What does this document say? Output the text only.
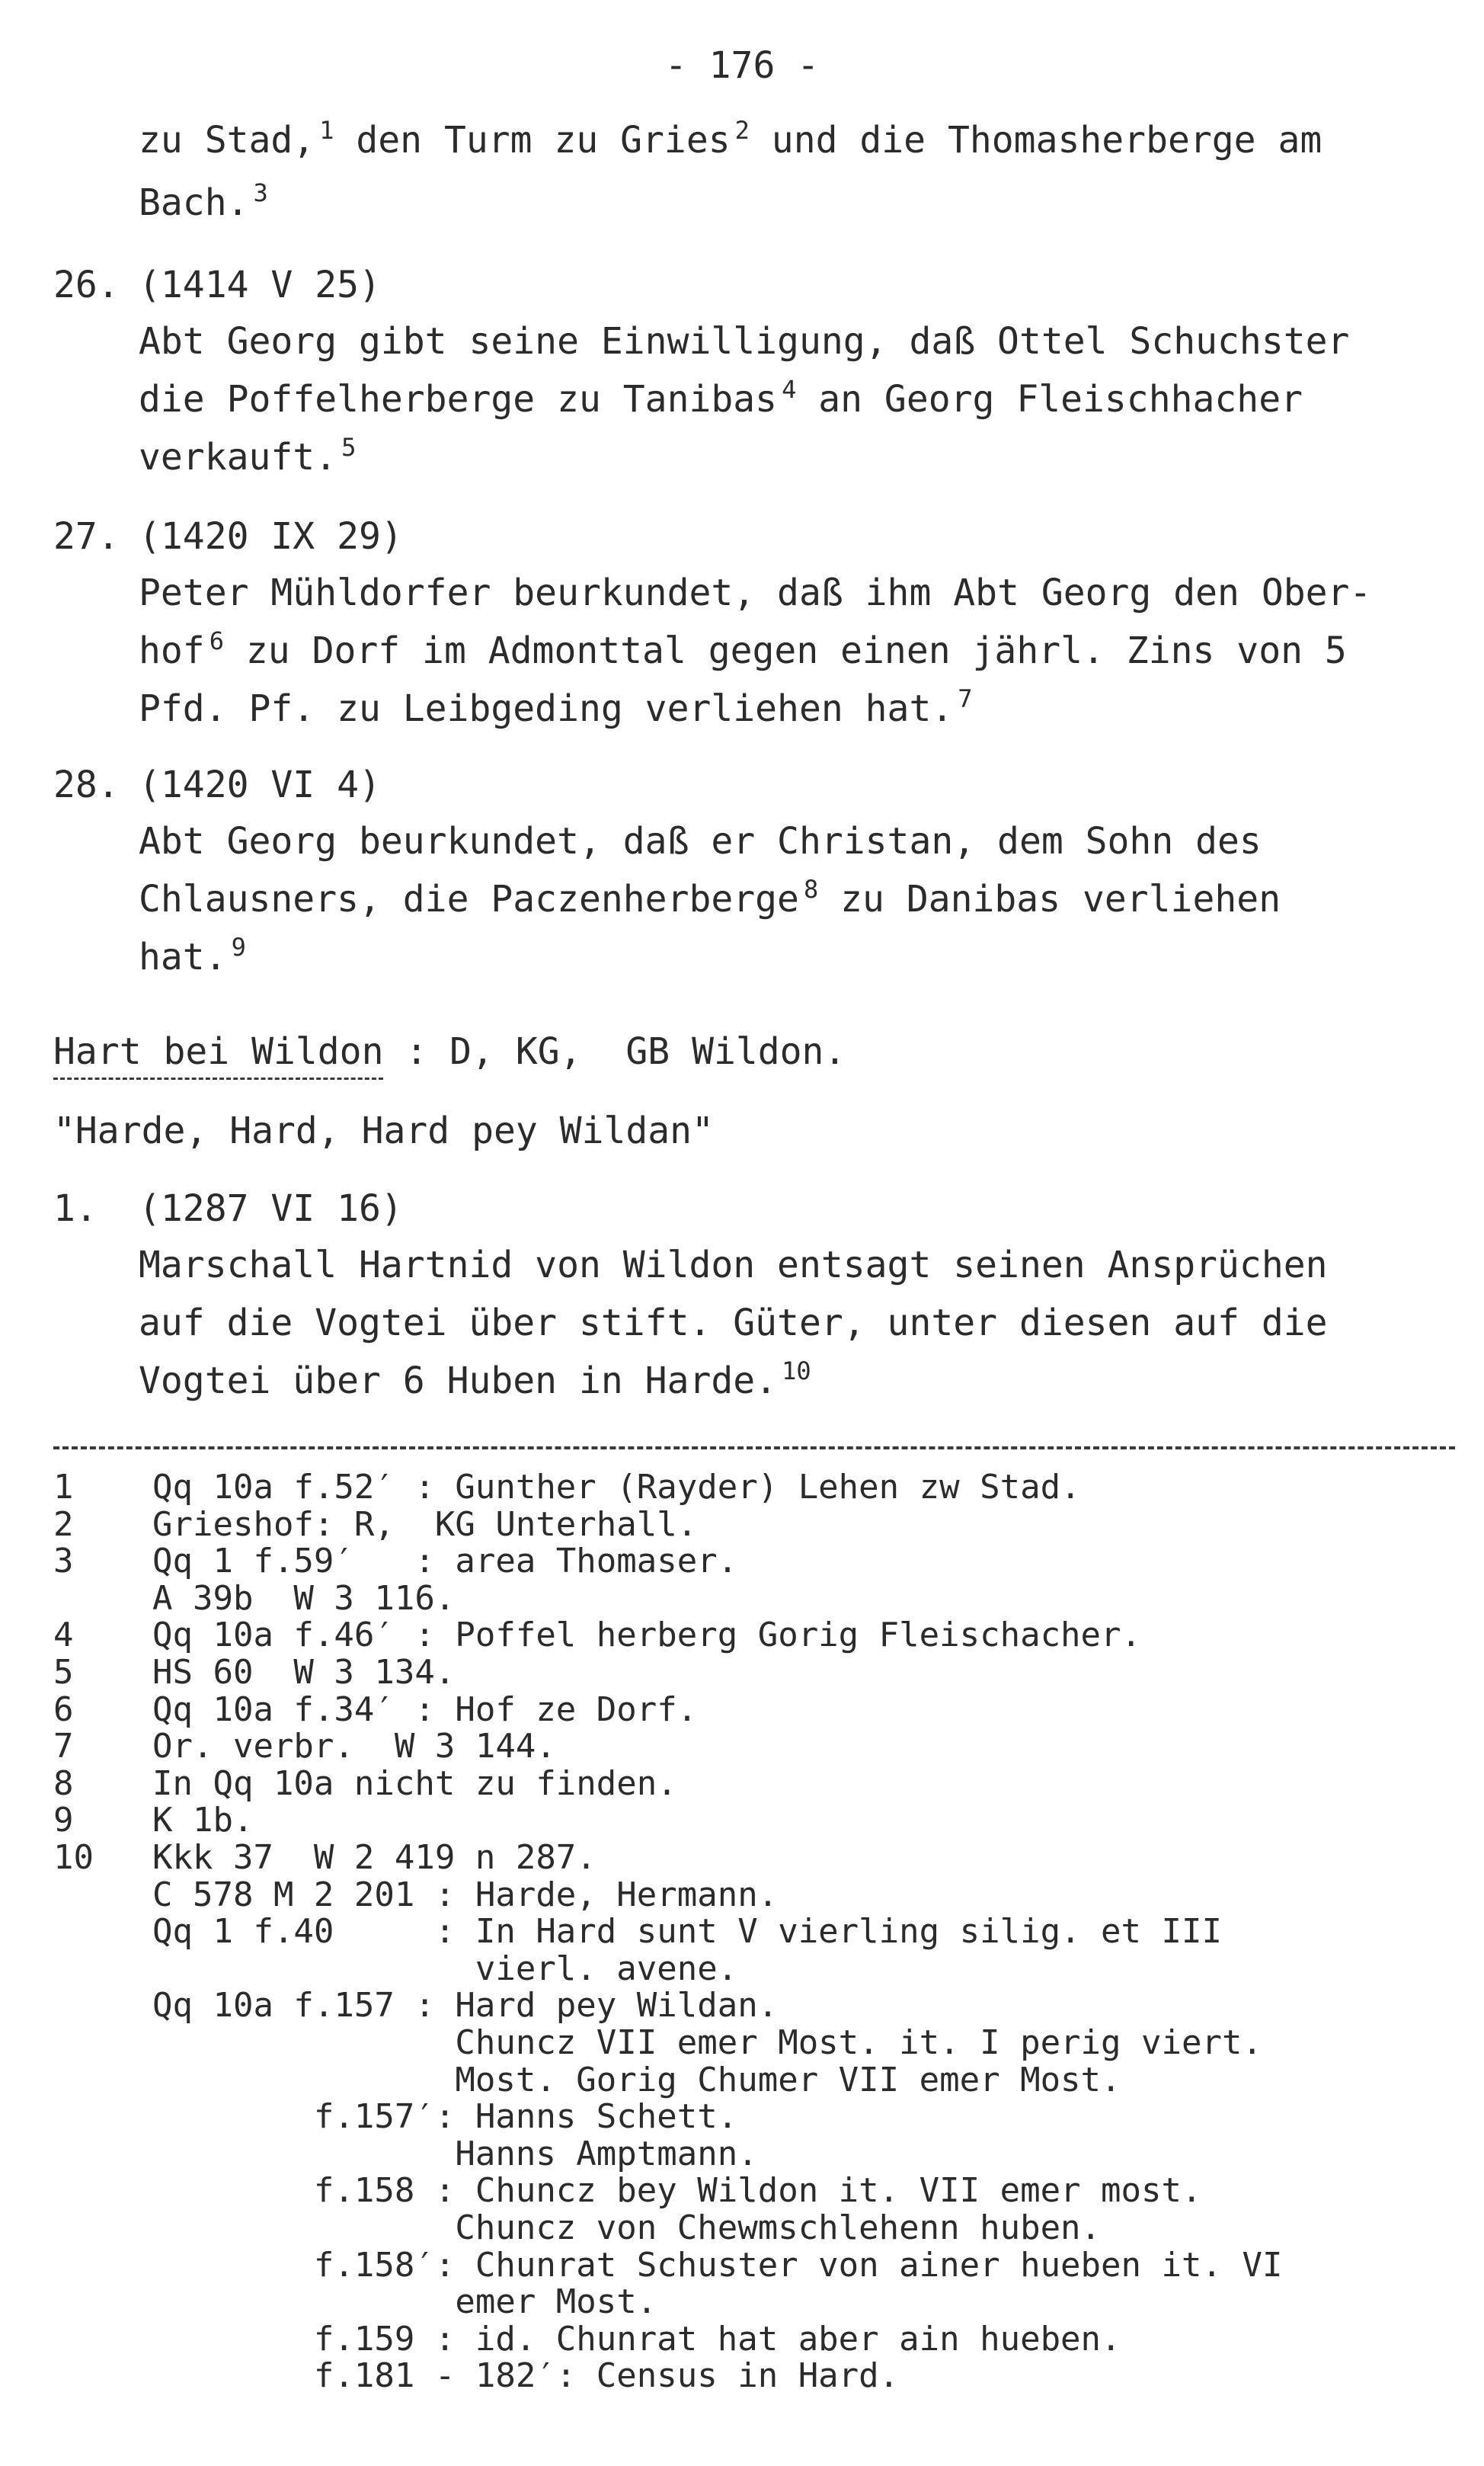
- 176 -
zu Stad, $^1$ den Turm zu Gries $^2$ und die Thomasherberge am
Bach. $^3$
26. (1414 V 25)
Abt Georg gibt seine Einwilligung, daß Ottel Schuchster
die Poffelherberge zu Tanibas $^4$ an Georg Fleischhacher
verkauft. $^5$
27. (1420 IX 29)
Peter Mühldorfer beurkundet, daß ihm Abt Georg den Ober-
hof $^6$ zu Dorf im Admonttal gegen einen jährl. Zins von 5
Pfd. Pf. zu Leibgeding verliehen hat. $^7$
28. (1420 VI 4)
Abt Georg beurkundet, daß er Christan, dem Sohn des
Chlausners, die Paczenherberge $^8$ zu Danibas verliehen
hat. $^9$
Hart bei Wildon : D, KG,  GB Wildon.
"Harde, Hard, Hard pey Wildan"
1. (1287 VI 16)
Marschall Hartnid von Wildon entsagt seinen Ansprüchen
auf die Vogtei über stift. Güter, unter diesen auf die
Vogtei über 6 Huben in Harde. $^{10}$
1 Qq 10a f.52′ : Gunther (Rayder) Lehen zw Stad.
2 Grieshof: R,  KG Unterhall.
3 Qq 1 f.59′   : area Thomaser.
A 39b  W 3 116.
4 Qq 10a f.46′ : Poffel herberg Gorig Fleischacher.
5 HS 60  W 3 134.
6 Qq 10a f.34′ : Hof ze Dorf.
7 Or. verbr.  W 3 144.
8 In Qq 10a nicht zu finden.
9 K 1b.
10 Kkk 37  W 2 419 n 287.
C 578 M 2 201 : Harde, Hermann.
Qq 1 f.40     : In Hard sunt V vierling silig. et III
vierl. avene.
Qq 10a f.157 : Hard pey Wildan.
Chuncz VII emer Most. it. I perig viert.
Most. Gorig Chumer VII emer Most.
f.157′: Hanns Schett.
Hanns Amptmann.
f.158 : Chuncz bey Wildon it. VII emer most.
Chuncz von Chewmschlehenn huben.
f.158′: Chunrat Schuster von ainer hueben it. VI
emer Most.
f.159 : id. Chunrat hat aber ain hueben.
f.181 - 182′: Census in Hard.
